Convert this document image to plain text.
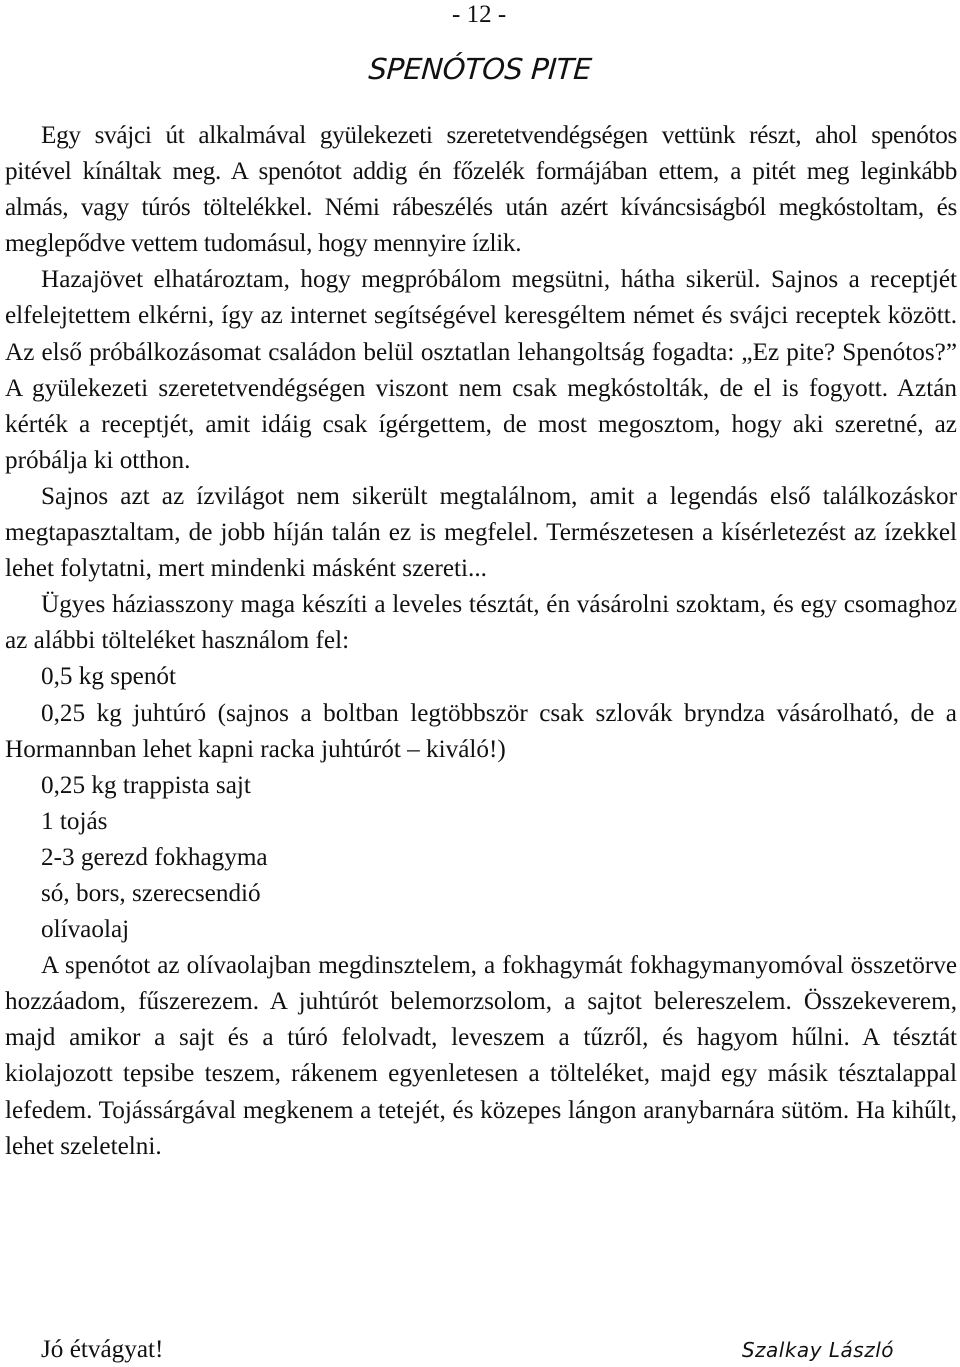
- 12 -
SPENÓTOS PITE

Egy svájci út alkalmával gyülekezeti szeretetvendégségen vettünk részt, ahol spenótos pitével kínáltak meg. A spenótot addig én főzelék formájában ettem, a pitét meg leginkább almás, vagy túrós töltelékkel. Némi rábeszélés után azért kíváncsiságból megkóstoltam, és meglepődve vettem tudomásul, hogy mennyire ízlik.

Hazajövet elhatároztam, hogy megpróbálom megsütni, hátha sikerül. Sajnos a receptjét elfelejtettem elkérni, így az internet segítségével keresgéltem német és svájci receptek között. Az első próbálkozásomat családon belül osztatlan lehangoltság fogadta: „Ez pite? Spenótos?” A gyülekezeti szeretetvendégségen viszont nem csak megkóstolták, de el is fogyott. Aztán kérték a receptjét, amit idáig csak ígérgettem, de most megosztom, hogy aki szeretné, az próbálja ki otthon.

Sajnos azt az ízvilágot nem sikerült megtalálnom, amit a legendás első találkozáskor megtapasztaltam, de jobb híján talán ez is megfelel. Természetesen a kísérletezést az ízekkel lehet folytatni, mert mindenki másként szereti...

Ügyes háziasszony maga készíti a leveles tésztát, én vásárolni szoktam, és egy csomaghoz az alábbi tölteléket használom fel:

0,5 kg spenót

0,25 kg juhtúró (sajnos a boltban legtöbbször csak szlovák bryndza vásárolható, de a Hormannban lehet kapni racka juhtúrót – kiváló!)

0,25 kg trappista sajt
1 tojás
2-3 gerezd fokhagyma
só, bors, szerecsendió
olívaolaj

A spenótot az olívaolajban megdinsztelem, a fokhagymát fokhagymanyomóval összetörve hozzáadom, fűszerezem. A juhtúrót belemorzsolom, a sajtot belereszelem. Összekeverem, majd amikor a sajt és a túró felolvadt, leveszem a tűzről, és hagyom hűlni. A tésztát kiolajozott tepsibe teszem, rákenem egyenletesen a tölteléket, majd egy másik tésztalappal lefedem. Tojássárgával megkenem a tetejét, és közepes lángon aranybarnára sütöm. Ha kihűlt, lehet szeletelni.

Jó étvágyat!	Szalkay László
